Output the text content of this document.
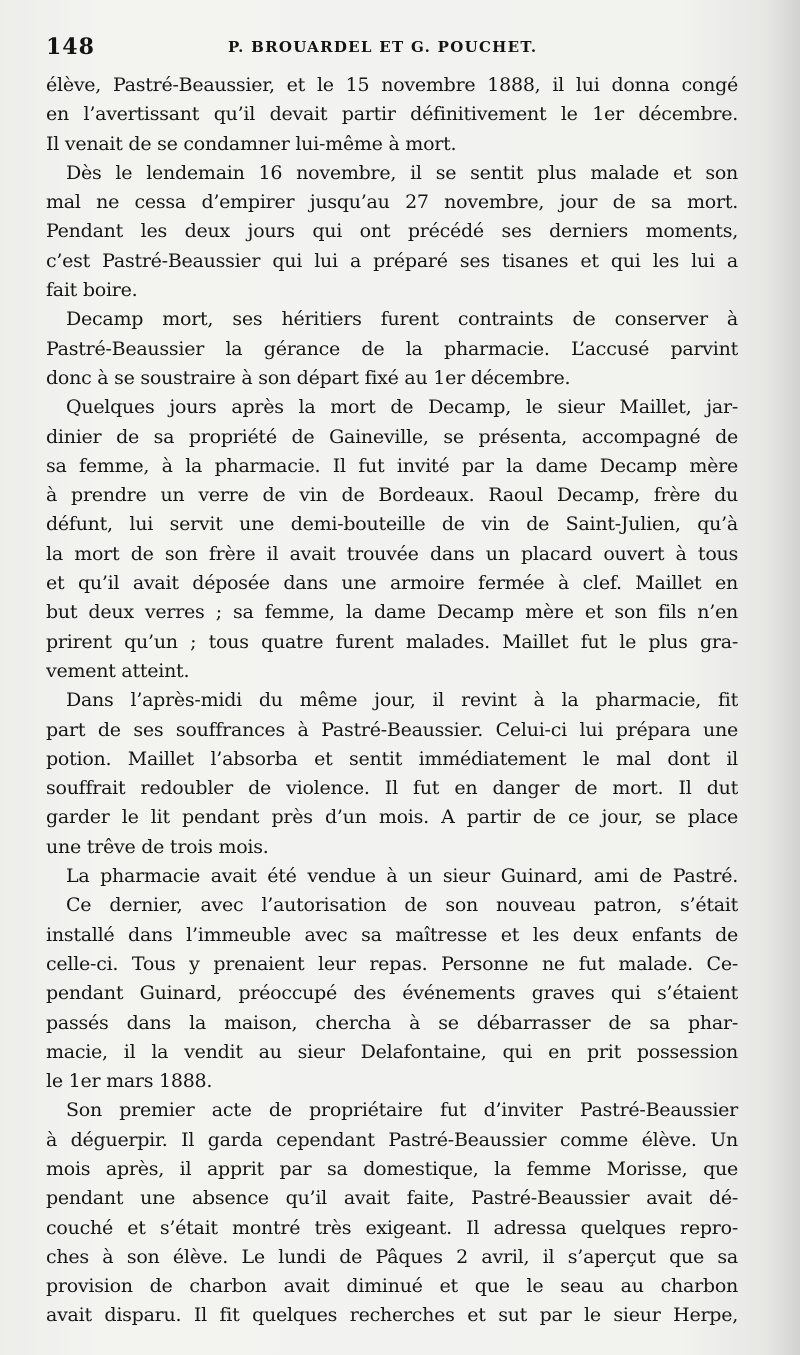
148	P. BROUARDEL ET G. POUCHET.
élève, Pastré-Beaussier, et le 15 novembre 1888, il lui donna congé
en l’avertissant qu’il devait partir définitivement le 1er décembre.
Il venait de se condamner lui-même à mort.
Dès le lendemain 16 novembre, il se sentit plus malade et son
mal ne cessa d’empirer jusqu’au 27 novembre, jour de sa mort.
Pendant les deux jours qui ont précédé ses derniers moments,
c’est Pastré-Beaussier qui lui a préparé ses tisanes et qui les lui a
fait boire.
Decamp mort, ses héritiers furent contraints de conserver à
Pastré-Beaussier la gérance de la pharmacie. L’accusé parvint
donc à se soustraire à son départ fixé au 1er décembre.
Quelques jours après la mort de Decamp, le sieur Maillet, jar-
dinier de sa propriété de Gaineville, se présenta, accompagné de
sa femme, à la pharmacie. Il fut invité par la dame Decamp mère
à prendre un verre de vin de Bordeaux. Raoul Decamp, frère du
défunt, lui servit une demi-bouteille de vin de Saint-Julien, qu’à
la mort de son frère il avait trouvée dans un placard ouvert à tous
et qu’il avait déposée dans une armoire fermée à clef. Maillet en
but deux verres ; sa femme, la dame Decamp mère et son fils n’en
prirent qu’un ; tous quatre furent malades. Maillet fut le plus gra-
vement atteint.
Dans l’après-midi du même jour, il revint à la pharmacie, fit
part de ses souffrances à Pastré-Beaussier. Celui-ci lui prépara une
potion. Maillet l’absorba et sentit immédiatement le mal dont il
souffrait redoubler de violence. Il fut en danger de mort. Il dut
garder le lit pendant près d’un mois. A partir de ce jour, se place
une trêve de trois mois.
La pharmacie avait été vendue à un sieur Guinard, ami de Pastré.
Ce dernier, avec l’autorisation de son nouveau patron, s’était
installé dans l’immeuble avec sa maîtresse et les deux enfants de
celle-ci. Tous y prenaient leur repas. Personne ne fut malade. Ce-
pendant Guinard, préoccupé des événements graves qui s’étaient
passés dans la maison, chercha à se débarrasser de sa phar-
macie, il la vendit au sieur Delafontaine, qui en prit possession
le 1er mars 1888.
Son premier acte de propriétaire fut d’inviter Pastré-Beaussier
à déguerpir. Il garda cependant Pastré-Beaussier comme élève. Un
mois après, il apprit par sa domestique, la femme Morisse, que
pendant une absence qu’il avait faite, Pastré-Beaussier avait dé-
couché et s’était montré très exigeant. Il adressa quelques repro-
ches à son élève. Le lundi de Pâques 2 avril, il s’aperçut que sa
provision de charbon avait diminué et que le seau au charbon
avait disparu. Il fit quelques recherches et sut par le sieur Herpe,
